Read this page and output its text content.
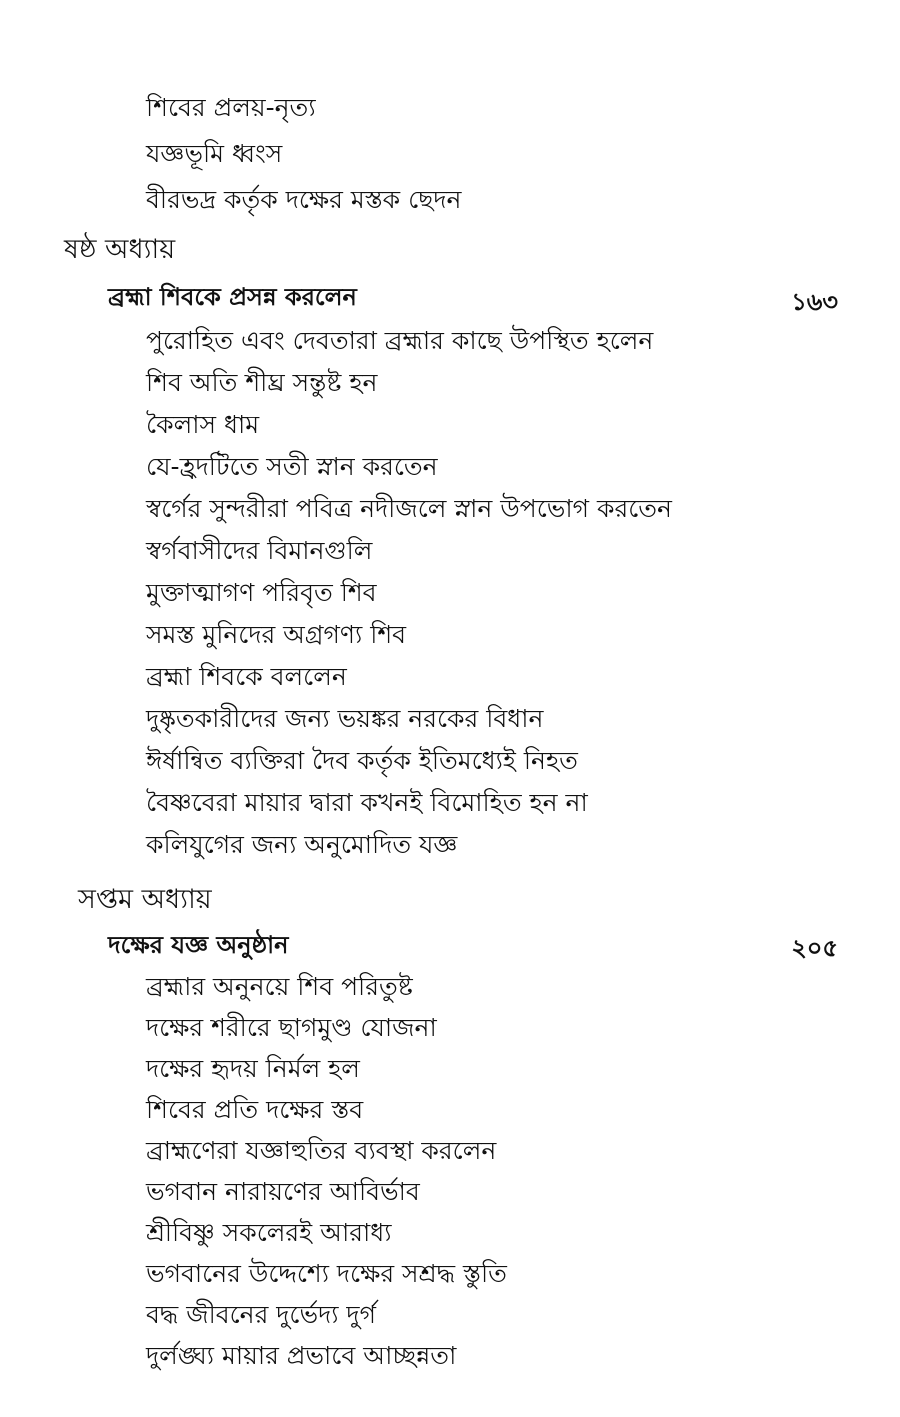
শিবের প্রলয়-নৃত্য
যজ্ঞভূমি ধ্বংস
বীরভদ্র কর্তৃক দক্ষের মস্তক ছেদন
ষষ্ঠ অধ্যায়
ব্রহ্মা শিবকে প্রসন্ন করলেন	১৬৩
পুরোহিত এবং দেবতারা ব্রহ্মার কাছে উপস্থিত হলেন
শিব অতি শীঘ্র সন্তুষ্ট হন
কৈলাস ধাম
যে-হ্রদটিতে সতী স্নান করতেন
স্বর্গের সুন্দরীরা পবিত্র নদীজলে স্নান উপভোগ করতেন
স্বর্গবাসীদের বিমানগুলি
মুক্তাত্মাগণ পরিবৃত শিব
সমস্ত মুনিদের অগ্রগণ্য শিব
ব্রহ্মা শিবকে বললেন
দুষ্কৃতকারীদের জন্য ভয়ঙ্কর নরকের বিধান
ঈর্ষান্বিত ব্যক্তিরা দৈব কর্তৃক ইতিমধ্যেই নিহত
বৈষ্ণবেরা মায়ার দ্বারা কখনই বিমোহিত হন না
কলিযুগের জন্য অনুমোদিত যজ্ঞ
সপ্তম অধ্যায়
দক্ষের যজ্ঞ অনুষ্ঠান	২০৫
ব্রহ্মার অনুনয়ে শিব পরিতুষ্ট
দক্ষের শরীরে ছাগমুণ্ড যোজনা
দক্ষের হৃদয় নির্মল হল
শিবের প্রতি দক্ষের স্তব
ব্রাহ্মণেরা যজ্ঞাহুতির ব্যবস্থা করলেন
ভগবান নারায়ণের আবির্ভাব
শ্রীবিষ্ণু সকলেরই আরাধ্য
ভগবানের উদ্দেশ্যে দক্ষের সশ্রদ্ধ স্তুতি
বদ্ধ জীবনের দুর্ভেদ্য দুর্গ
দুর্লঙ্ঘ্য মায়ার প্রভাবে আচ্ছন্নতা
